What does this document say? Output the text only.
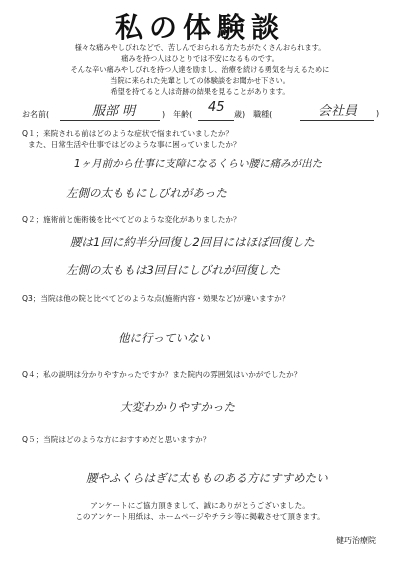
私の体験談
様々な痛みやしびれなどで、苦しんでおられる方たちがたくさんおられます。
痛みを持つ人はひとりでは不安になるものです。
そんな辛い痛みやしびれを持つ人達を励まし、治療を続ける勇気を与えるために
当院に来られた先輩としての体験談をお聞かせ下さい。
希望を持てると人は奇跡の結果を見ることがあります。
お名前(	服部 明	)　年齢( 45 歳)　職種(	会社員 )
Q１；来院される前はどのような症状で悩まれていましたか？
また、日常生活や仕事ではどのような事に困っていましたか？
1ヶ月前から仕事に支障になるくらい腰に痛みが出た
左側の太ももにしびれがあった
Q２；施術前と施術後を比べてどのような変化がありましたか？
腰は1回に約半分回復し2回目にはほぼ回復した
左側の太ももは3回目にしびれが回復した
Q3；当院は他の院と比べてどのような点(施術内容・効果など)が違いますか？
他に行っていない
Q４；私の説明は分かりやすかったですか？また院内の雰囲気はいかがでしたか？
大変わかりやすかった
Q５；当院はどのような方におすすめだと思いますか？
腰やふくらはぎに太もものある方にすすめたい
アンケートにご協力頂きまして、誠にありがとうございました。
このアンケート用紙は、ホームページやチラシ等に掲載させて頂きます。
健巧治療院
